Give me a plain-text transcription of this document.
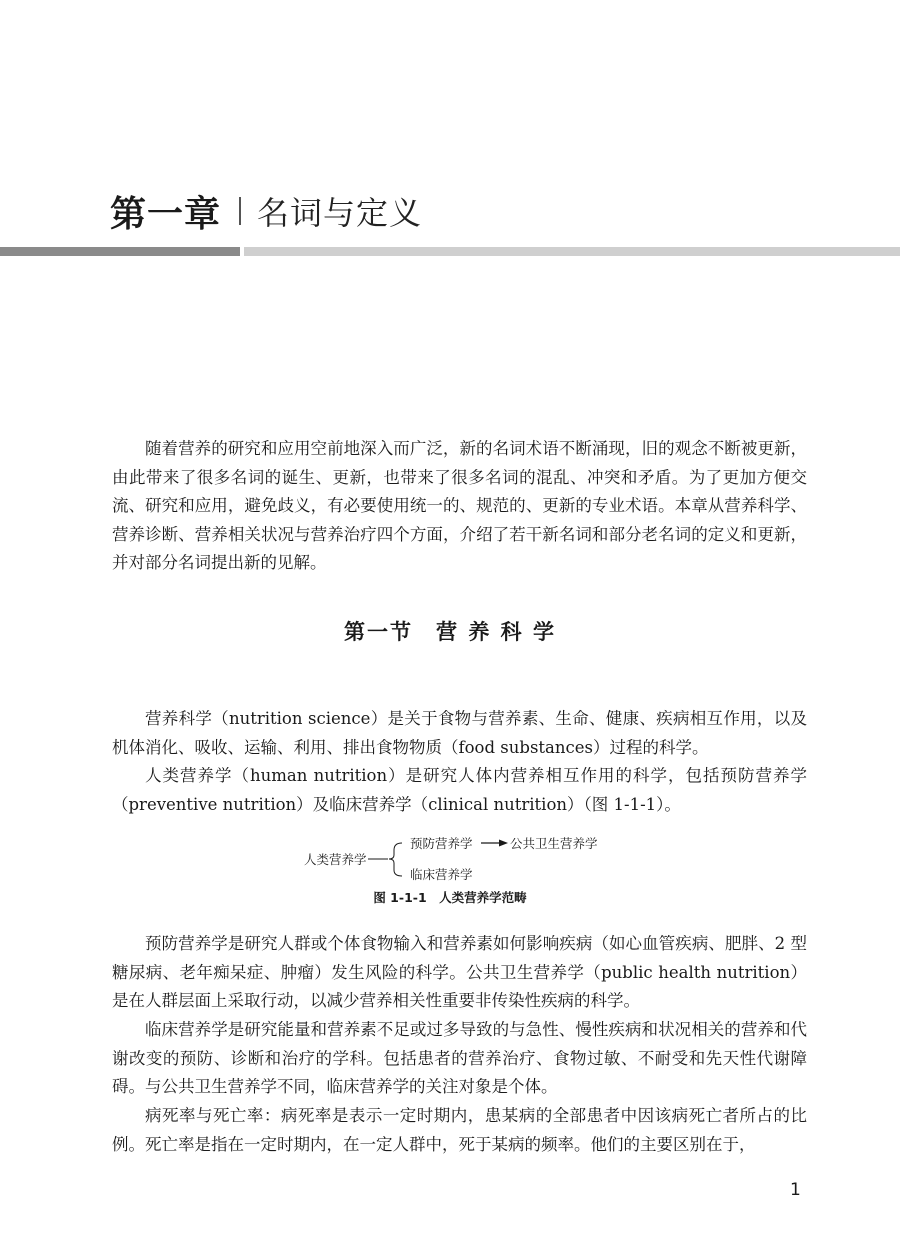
第一章 名词与定义

随着营养的研究和应用空前地深入而广泛，新的名词术语不断涌现，旧的观念不断被更新，由此带来了很多名词的诞生、更新，也带来了很多名词的混乱、冲突和矛盾。为了更加方便交流、研究和应用，避免歧义，有必要使用统一的、规范的、更新的专业术语。本章从营养科学、营养诊断、营养相关状况与营养治疗四个方面，介绍了若干新名词和部分老名词的定义和更新，并对部分名词提出新的见解。

第一节　营 养 科 学

营养科学（nutrition science）是关于食物与营养素、生命、健康、疾病相互作用，以及机体消化、吸收、运输、利用、排出食物物质（food substances）过程的科学。

人类营养学（human nutrition）是研究人体内营养相互作用的科学，包括预防营养学（preventive nutrition）及临床营养学（clinical nutrition）（图 1-1-1）。

人类营养学
预防营养学	公共卫生营养学
临床营养学
图 1-1-1　人类营养学范畴

预防营养学是研究人群或个体食物输入和营养素如何影响疾病（如心血管疾病、肥胖、2 型糖尿病、老年痴呆症、肿瘤）发生风险的科学。公共卫生营养学（public health nutrition）是在人群层面上采取行动，以减少营养相关性重要非传染性疾病的科学。

临床营养学是研究能量和营养素不足或过多导致的与急性、慢性疾病和状况相关的营养和代谢改变的预防、诊断和治疗的学科。包括患者的营养治疗、食物过敏、不耐受和先天性代谢障碍。与公共卫生营养学不同，临床营养学的关注对象是个体。

病死率与死亡率：病死率是表示一定时期内，患某病的全部患者中因该病死亡者所占的比例。死亡率是指在一定时期内，在一定人群中，死于某病的频率。他们的主要区别在于，

1
